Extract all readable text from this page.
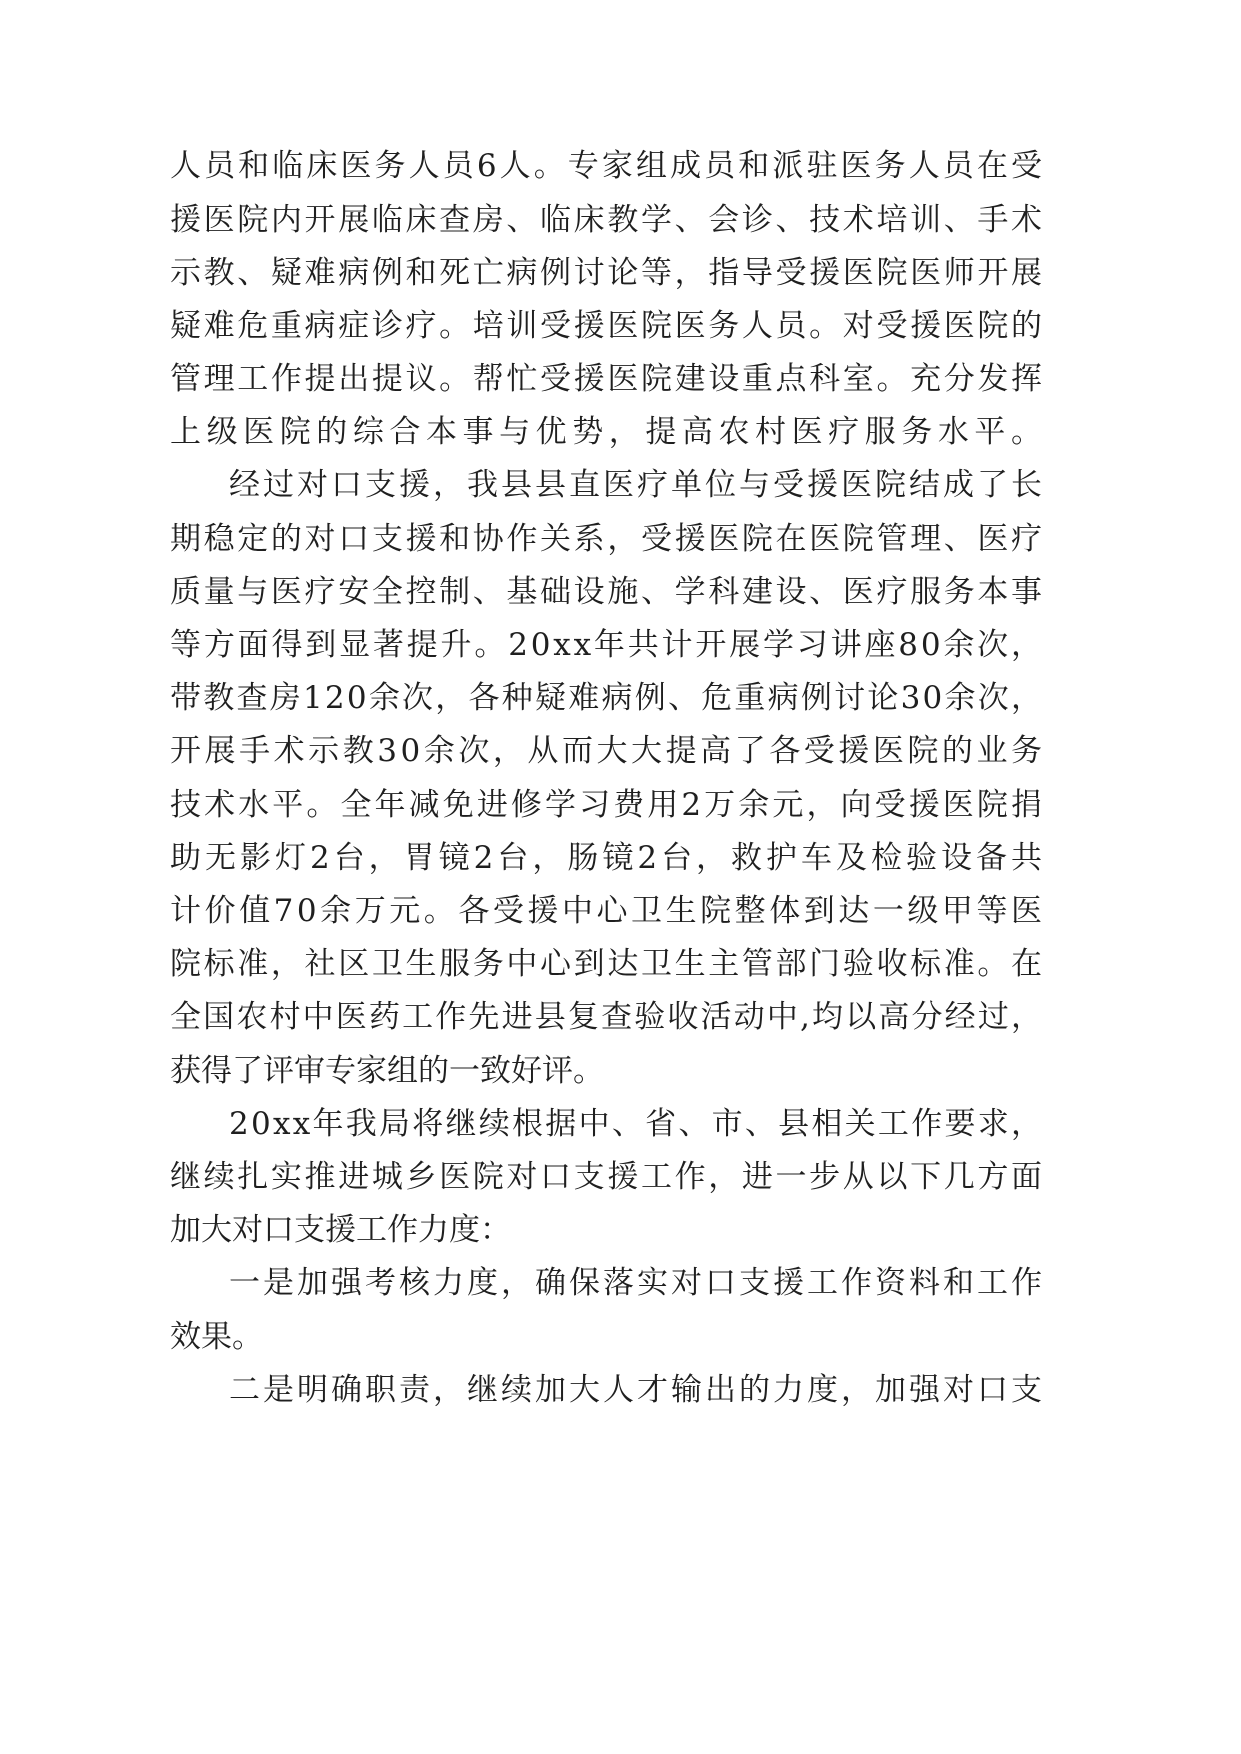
人员和临床医务人员6人。专家组成员和派驻医务人员在受
援医院内开展临床查房、临床教学、会诊、技术培训、手术
示教、疑难病例和死亡病例讨论等，指导受援医院医师开展
疑难危重病症诊疗。培训受援医院医务人员。对受援医院的
管理工作提出提议。帮忙受援医院建设重点科室。充分发挥
上级医院的综合本事与优势，提高农村医疗服务水平。
经过对口支援，我县县直医疗单位与受援医院结成了长
期稳定的对口支援和协作关系，受援医院在医院管理、医疗
质量与医疗安全控制、基础设施、学科建设、医疗服务本事
等方面得到显著提升。20xx年共计开展学习讲座80余次，
带教查房120余次，各种疑难病例、危重病例讨论30余次，
开展手术示教30余次，从而大大提高了各受援医院的业务
技术水平。全年减免进修学习费用2万余元，向受援医院捐
助无影灯2台，胃镜2台，肠镜2台，救护车及检验设备共
计价值70余万元。各受援中心卫生院整体到达一级甲等医
院标准，社区卫生服务中心到达卫生主管部门验收标准。在
全国农村中医药工作先进县复查验收活动中,均以高分经过，
获得了评审专家组的一致好评。
20xx年我局将继续根据中、省、市、县相关工作要求，
继续扎实推进城乡医院对口支援工作，进一步从以下几方面
加大对口支援工作力度：
一是加强考核力度，确保落实对口支援工作资料和工作
效果。
二是明确职责，继续加大人才输出的力度，加强对口支
